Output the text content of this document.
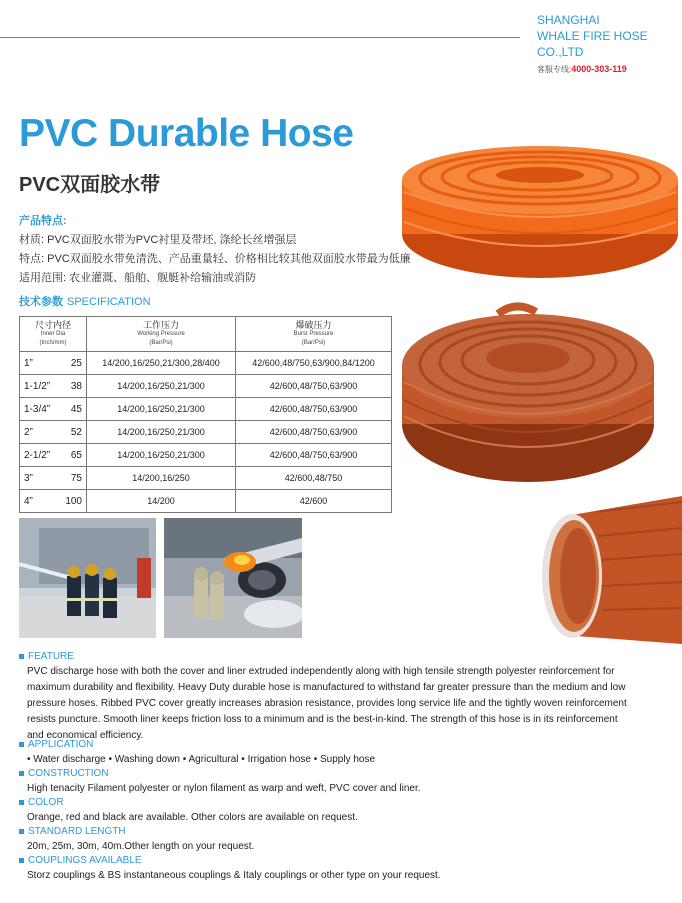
SHANGHAI
WHALE FIRE HOSE
CO.,LTD
客服专线:4000-303-119
PVC Durable Hose
PVC双面胶水带
产品特点:
材质: PVC双面胶水带为PVC衬里及带坯, 涤纶长丝增强层
特点: PVC双面胶水带免清洗、产品重量轻、价格相比较其他双面胶水带最为低廉
适用范围: 农业灌溉、船舶、舰艇补给输油或消防
技术参数 SPECIFICATION
尺寸内径
Inner Dia
(Inch/mm)	工作压力
Working Pressure
(Bar/Psi)	爆破压力
Burst Pressure
(Bar/Psi)

1” 25	14/200,16/250,21/300,28/400	42/600,48/750,63/900,84/1200

1-1/2” 38	14/200,16/250,21/300	42/600,48/750,63/900

1-3/4” 45	14/200,16/250,21/300	42/600,48/750,63/900

2” 52	14/200,16/250,21/300	42/600,48/750,63/900

2-1/2” 65	14/200,16/250,21/300	42/600,48/750,63/900

3” 75	14/200,16/250	42/600,48/750

4” 100	14/200	42/600
FEATURE
PVC discharge hose with both the cover and liner extruded independently along with high tensile strength polyester reinforcement for maximum durability and flexibility. Heavy Duty durable hose is manufactured to withstand far greater pressure than the medium and low pressure hoses. Ribbed PVC cover greatly increases abrasion resistance, provides long service life and the tightly woven reinforcement resists puncture. Smooth liner keeps friction loss to a minimum and is the best-in-kind. The strength of this hose is in its reinforcement and economical efficiency.
APPLICATION
• Water discharge • Washing down • Agricultural • Irrigation hose • Supply hose
CONSTRUCTION
High tenacity Filament polyester or nylon filament as warp and weft, PVC cover and liner.
COLOR
Orange, red and black are available. Other colors are available on request.
STANDARD LENGTH
20m, 25m, 30m, 40m.Other length on your request.
COUPLINGS AVAILABLE
Storz couplings & BS instantaneous couplings & Italy couplings or other type on your request.
